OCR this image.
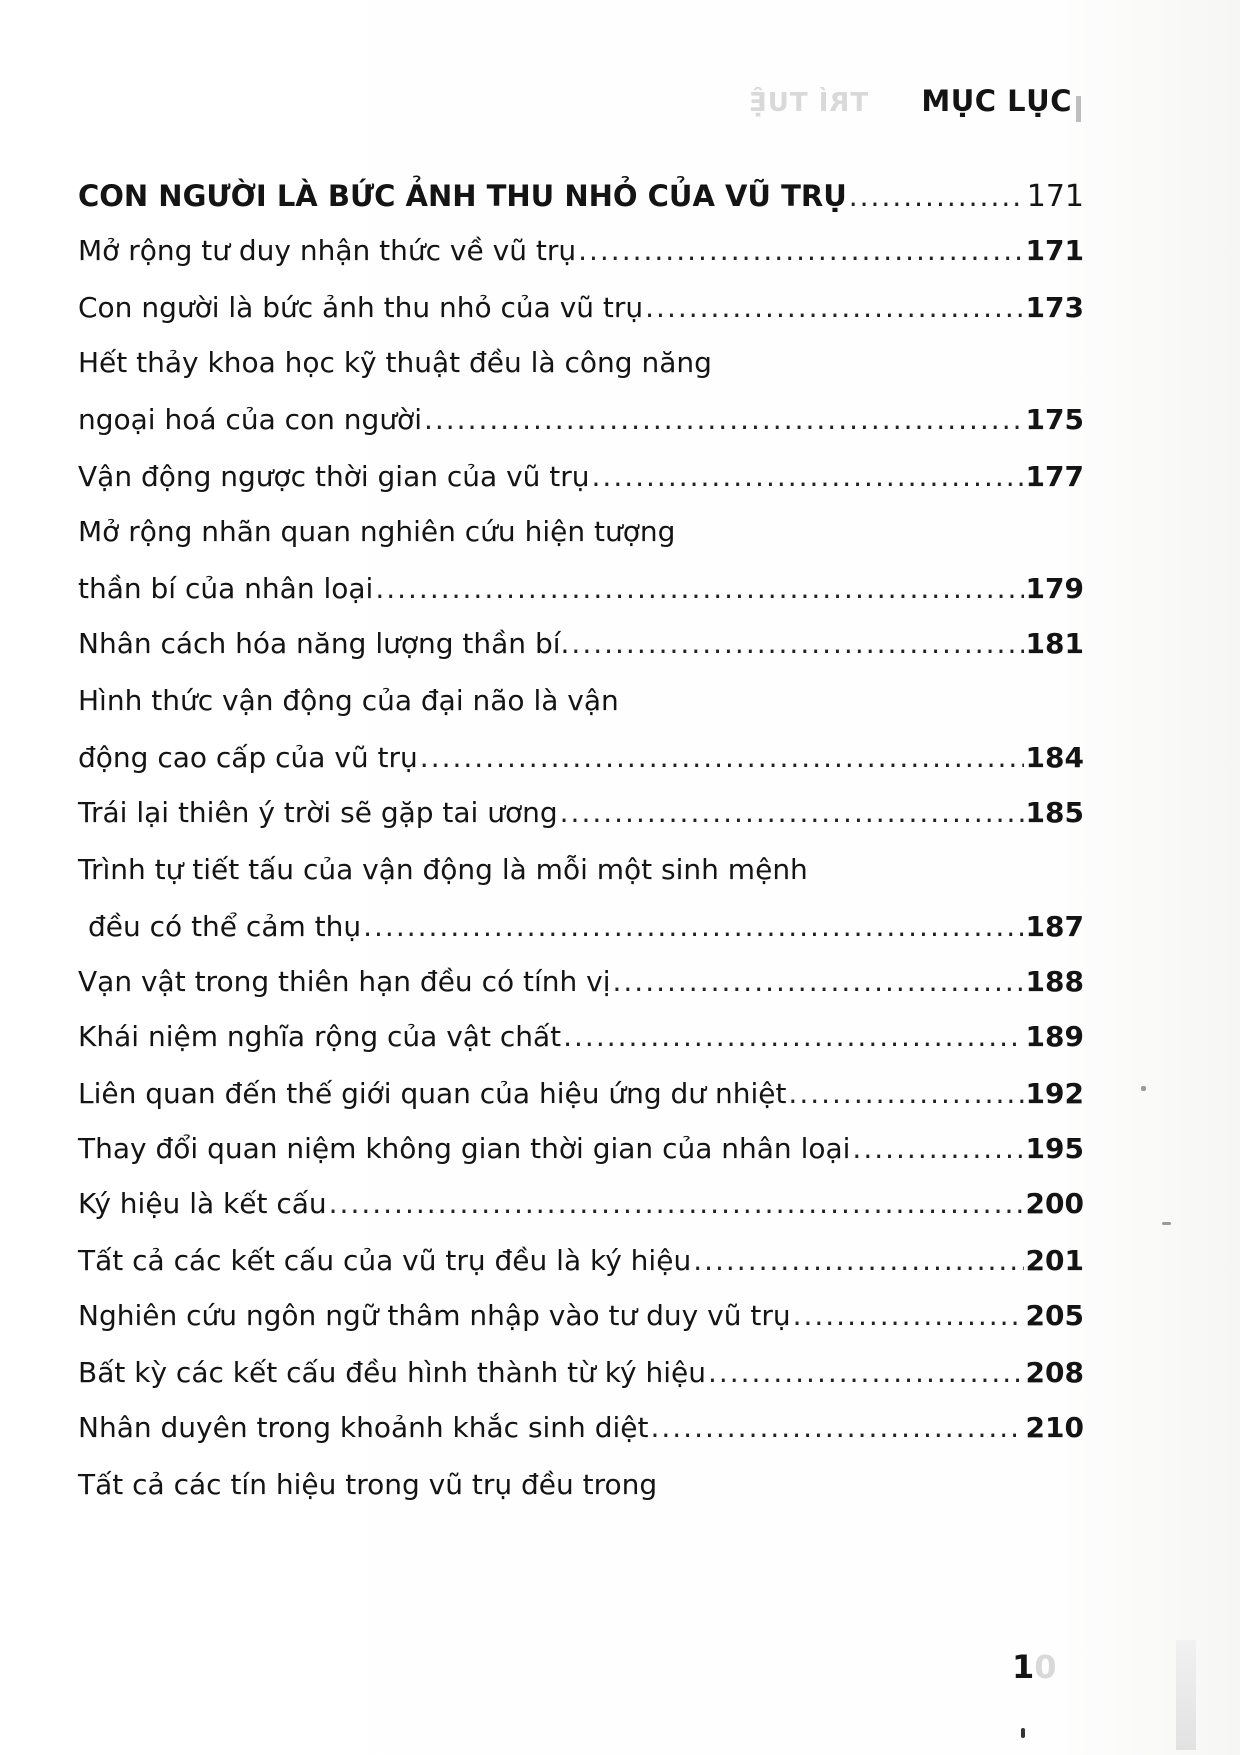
TRÍ TUỆ MỤC LỤC
CON NGƯỜI LÀ BỨC ẢNH THU NHỎ CỦA VŨ TRỤ .....	171
Mở rộng tư duy nhận thức về vũ trụ .....	171
Con người là bức ảnh thu nhỏ của vũ trụ .....	173
Hết thảy khoa học kỹ thuật đều là công năng
ngoại hoá của con người .....	175
Vận động ngược thời gian của vũ trụ .....	177
Mở rộng nhãn quan nghiên cứu hiện tượng
thần bí của nhân loại .....	179
Nhân cách hóa năng lượng thần bí. .....	181
Hình thức vận động của đại não là vận
động cao cấp của vũ trụ .....	184
Trái lại thiên ý trời sẽ gặp tai ương .....	185
Trình tự tiết tấu của vận động là mỗi một sinh mệnh
đều có thể cảm thụ .....	187
Vạn vật trong thiên hạn đều có tính vị .....	188
Khái niệm nghĩa rộng của vật chất .....	189
Liên quan đến thế giới quan của hiệu ứng dư nhiệt .....	192
Thay đổi quan niệm không gian thời gian của nhân loại .....	195
Ký hiệu là kết cấu .....	200
Tất cả các kết cấu của vũ trụ đều là ký hiệu .....	201
Nghiên cứu ngôn ngữ thâm nhập vào tư duy vũ trụ .....	205
Bất kỳ các kết cấu đều hình thành từ ký hiệu .....	208
Nhân duyên trong khoảnh khắc sinh diệt .....	210
Tất cả các tín hiệu trong vũ trụ đều trong
10
